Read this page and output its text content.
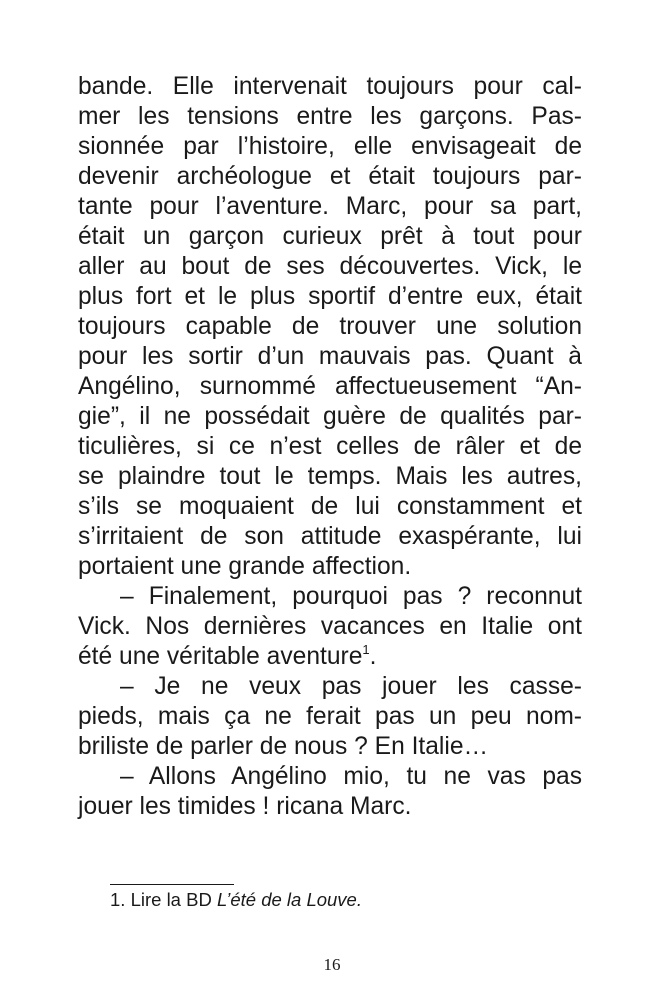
bande. Elle intervenait toujours pour cal-
mer les tensions entre les garçons. Pas-
sionnée par l’histoire, elle envisageait de
devenir archéologue et était toujours par-
tante pour l’aventure. Marc, pour sa part,
était un garçon curieux prêt à tout pour
aller au bout de ses découvertes. Vick, le
plus fort et le plus sportif d’entre eux, était
toujours capable de trouver une solution
pour les sortir d’un mauvais pas. Quant à
Angélino, surnommé affectueusement “An-
gie”, il ne possédait guère de qualités par-
ticulières, si ce n’est celles de râler et de
se plaindre tout le temps. Mais les autres,
s’ils se moquaient de lui constamment et
s’irritaient de son attitude exaspérante, lui
portaient une grande affection.
– Finalement, pourquoi pas ? reconnut
Vick. Nos dernières vacances en Italie ont
été une véritable aventure$^1$.
– Je ne veux pas jouer les casse-
pieds, mais ça ne ferait pas un peu nom-
briliste de parler de nous ? En Italie…
– Allons Angélino mio, tu ne vas pas
jouer les timides ! ricana Marc.
1. Lire la BD L’été de la Louve.
16
